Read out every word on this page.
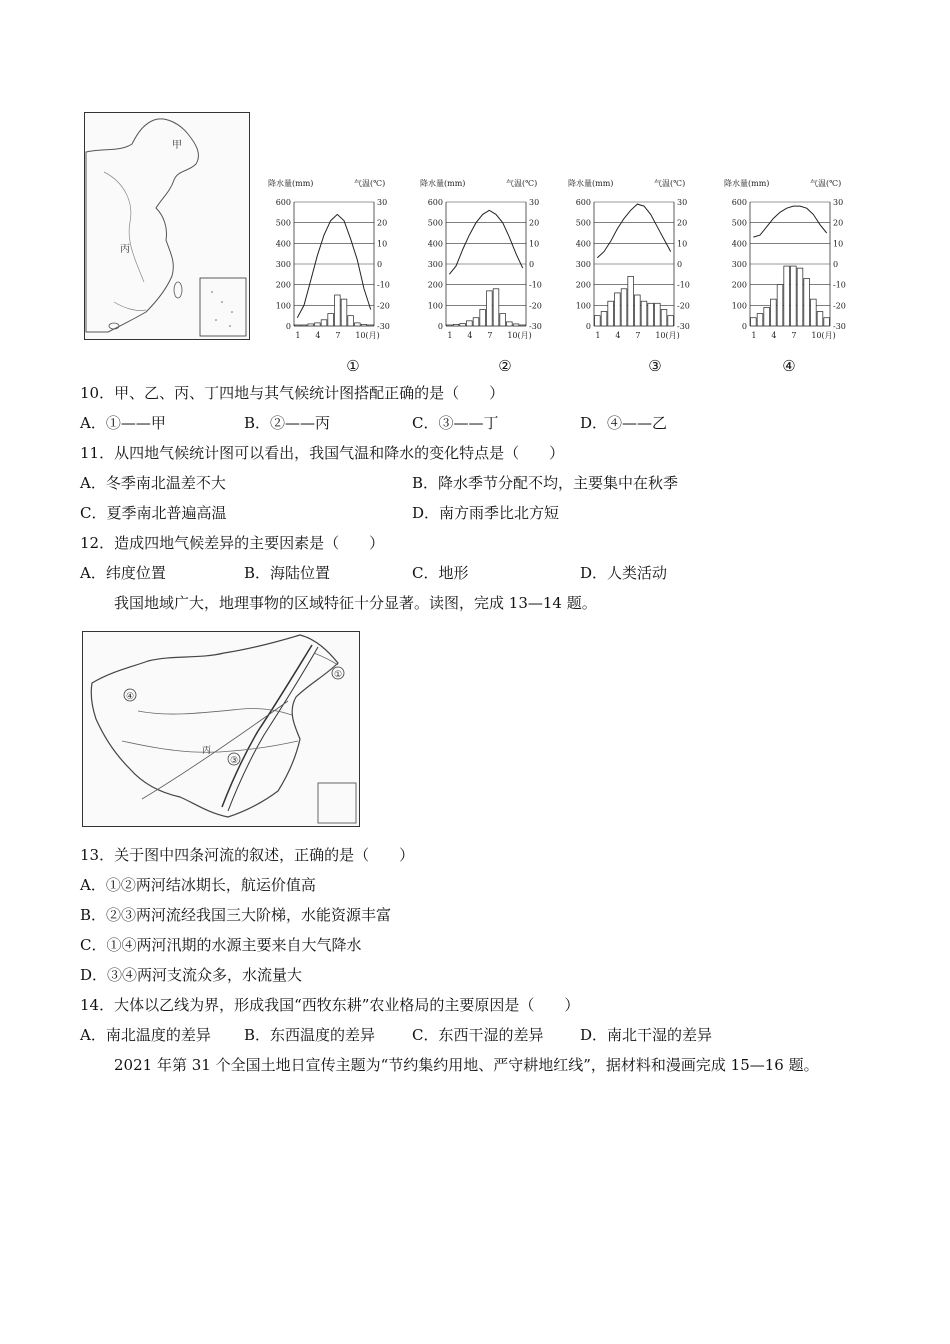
甲
丙
降水量(mm)	气温(℃)
600	30
500	20
400	10
300	0
200	-10
100	-20
0	-30
1 4 7 10(月)
降水量(mm)	气温(℃)
600	30
500	20
400	10
300	0
200	-10
100	-20
0	-30
1 4 7 10(月)
降水量(mm)	气温(℃)
600	30
500	20
400	10
300	0
200	-10
100	-20
0	-30
1 4 7 10(月)
降水量(mm)	气温(℃)
600	30
500	20
400	10
300	0
200	-10
100	-20
0	-30
1 4 7 10(月)
①	②	③	④
10．甲、乙、丙、丁四地与其气候统计图搭配正确的是（　　）
A．①——甲	B．②——丙	C．③——丁	D．④——乙
11．从四地气候统计图可以看出，我国气温和降水的变化特点是（　　）
A．冬季南北温差不大	B．降水季节分配不均，主要集中在秋季
C．夏季南北普遍高温	D．南方雨季比北方短
12．造成四地气候差异的主要因素是（　　）
A．纬度位置	B．海陆位置	C．地形	D．人类活动
我国地域广大，地理事物的区域特征十分显著。读图，完成 13—14 题。
①
④
③
丙
13．关于图中四条河流的叙述，正确的是（　　）
A．①②两河结冰期长，航运价值高
B．②③两河流经我国三大阶梯，水能资源丰富
C．①④两河汛期的水源主要来自大气降水
D．③④两河支流众多，水流量大
14．大体以乙线为界，形成我国“西牧东耕”农业格局的主要原因是（　　）
A．南北温度的差异 B．东西温度的差异 C．东西干湿的差异 D．南北干湿的差异
2021 年第 31 个全国土地日宣传主题为“节约集约用地、严守耕地红线”，据材料和漫画完成 15—16 题。
